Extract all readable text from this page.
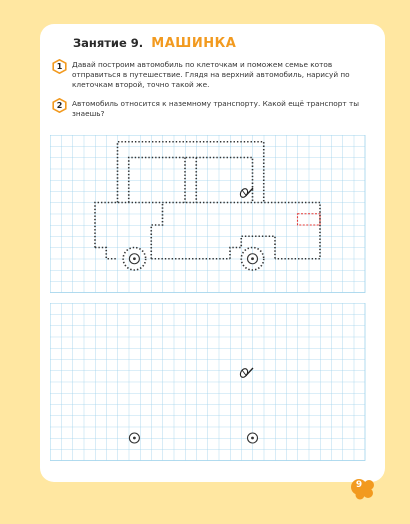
Занятие 9. МАШИНКА
1	Давай построим автомобиль по клеточкам и поможем семье котов отправиться в путешествие. Глядя на верхний автомобиль, нарисуй по клеточкам второй, точно такой же.
2	Автомобиль относится к наземному транспорту. Какой ещё транспорт ты знаешь?
9
